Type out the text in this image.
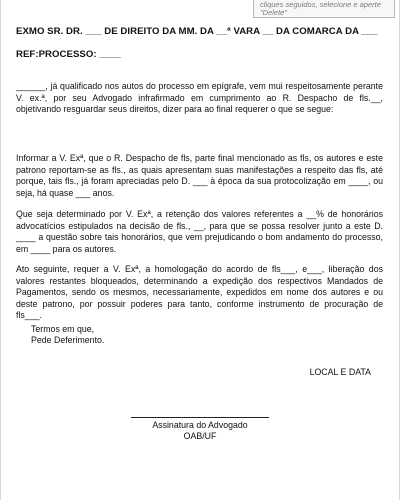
cliques seguidos, selecione e aperte "Delete"
EXMO SR. DR. ___ DE DIREITO DA MM. DA __ª VARA __ DA COMARCA DA ___
REF:PROCESSO: ____
______, já qualificado nos autos do processo em epígrafe, vem mui respeitosamente perante V. ex.ª, por seu Advogado infrafirmado em cumprimento ao R. Despacho de fls.__, objetivando resguardar seus direitos, dizer para ao final requerer o que se segue:
Informar a V. Exª, que o R. Despacho de fls, parte final mencionado as fls, os autores e este patrono reportam-se as fls., as quais apresentam suas manifestações a respeito das fls, até porque, tais fls., já foram apreciadas pelo D. ___ à época da sua protocolização em ____, ou seja, há quase ___ anos.
Que seja determinado por V. Exª, a retenção dos valores referentes a __% de honorários advocatícios estipulados na decisão de fls., __, para que se possa resolver junto a este D. ____ a questão sobre tais honorários, que vem prejudicando o bom andamento do processo, em ____ para os autores.
Ato seguinte, requer a V. Exª, a homologação do acordo de fls___, e___, liberação dos valores restantes bloqueados, determinando a expedição dos respectivos Mandados de Pagamentos, sendo os mesmos, necessariamente, expedidos em nome dos autores e ou deste patrono, por possuir poderes para tanto, conforme instrumento de procuração de fls___.
Termos em que,
Pede Deferimento.
LOCAL E DATA
Assinatura do Advogado
OAB/UF
